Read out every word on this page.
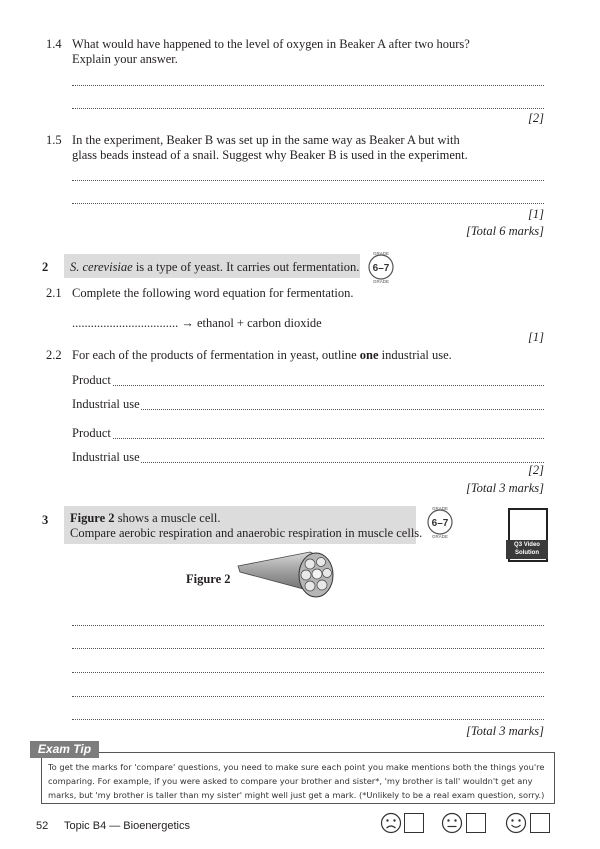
1.4 What would have happened to the level of oxygen in Beaker A after two hours?
Explain your answer.
[2]
1.5 In the experiment, Beaker B was set up in the same way as Beaker A but with
glass beads instead of a snail. Suggest why Beaker B is used in the experiment.
[1]
[Total 6 marks]
2 S. cerevisiae is a type of yeast. It carries out fermentation. 6–7
GRADE
GRADE
2.1 Complete the following word equation for fermentation.
.................................. → ethanol + carbon dioxide
[1]
2.2 For each of the products of fermentation in yeast, outline one industrial use.
Product
Industrial use
Product
Industrial use
[2]
[Total 3 marks]
3 Figure 2 shows a muscle cell.
Compare aerobic respiration and anaerobic respiration in muscle cells.
6–7
GRADE
GRADE
Q3 Video
Solution
Figure 2
[Total 3 marks]
Exam Tip
To get the marks for 'compare' questions, you need to make sure each point you make mentions both the things you're comparing. For example, if you were asked to compare your brother and sister*, 'my brother is tall' wouldn't get any marks, but 'my brother is taller than my sister' might well just get a mark. (*Unlikely to be a real exam question, sorry.)
52 Topic B4 — Bioenergetics
